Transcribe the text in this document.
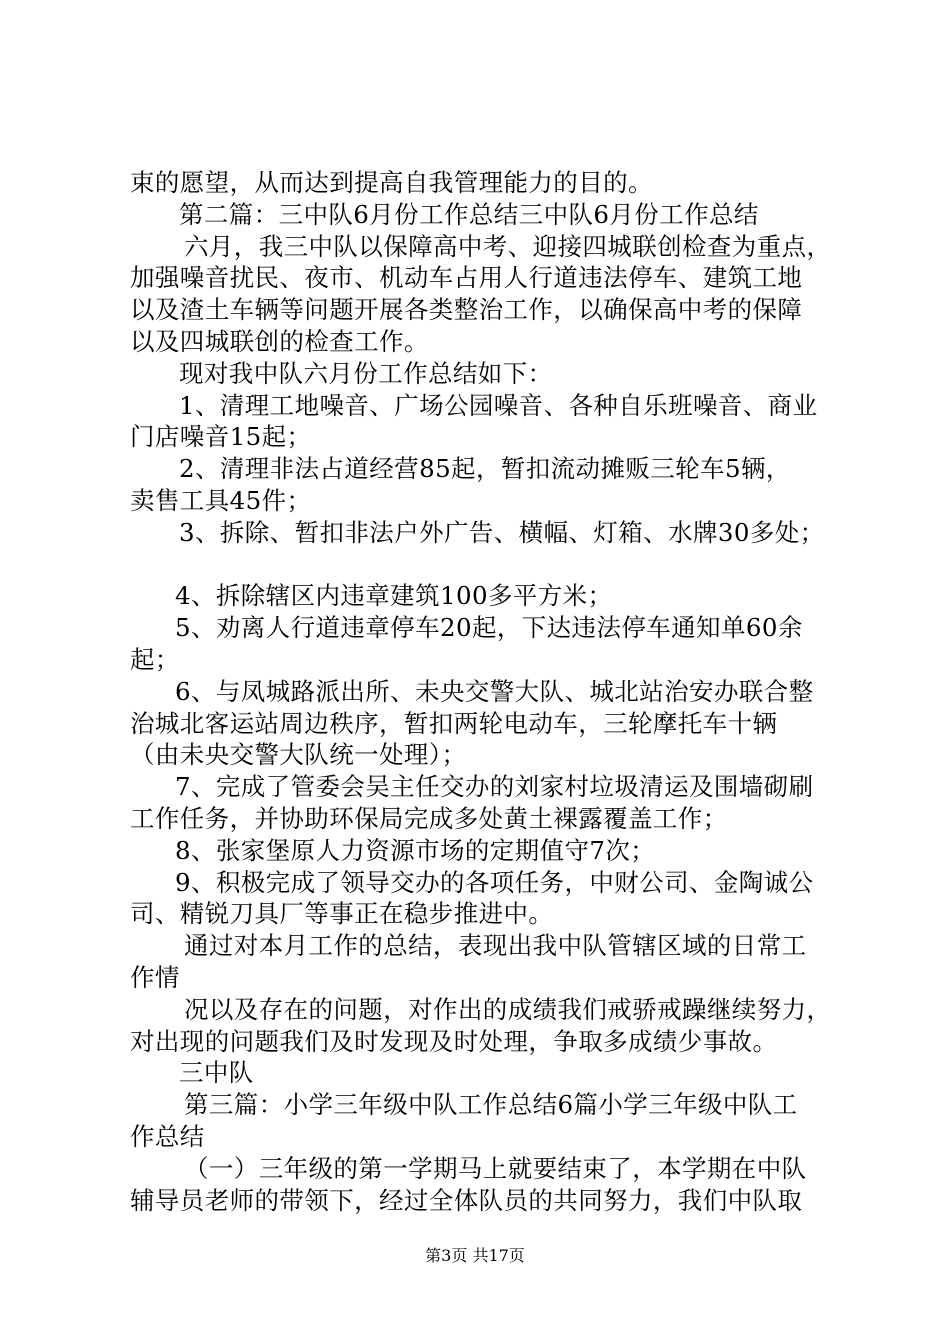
束的愿望，从而达到提高自我管理能力的目的。
第二篇：三中队6月份工作总结三中队6月份工作总结
六月，我三中队以保障高中考、迎接四城联创检查为重点，
加强噪音扰民、夜市、机动车占用人行道违法停车、建筑工地
以及渣土车辆等问题开展各类整治工作，以确保高中考的保障
以及四城联创的检查工作。
现对我中队六月份工作总结如下：
1、清理工地噪音、广场公园噪音、各种自乐班噪音、商业
门店噪音15起；
2、清理非法占道经营85起，暂扣流动摊贩三轮车5辆，
卖售工具45件；
3、拆除、暂扣非法户外广告、横幅、灯箱、水牌30多处；
4、拆除辖区内违章建筑100多平方米；
5、劝离人行道违章停车20起，下达违法停车通知单60余
起；
6、与凤城路派出所、未央交警大队、城北站治安办联合整
治城北客运站周边秩序，暂扣两轮电动车，三轮摩托车十辆
（由未央交警大队统一处理）；
7、完成了管委会吴主任交办的刘家村垃圾清运及围墙砌刷
工作任务，并协助环保局完成多处黄土裸露覆盖工作；
8、张家堡原人力资源市场的定期值守7次；
9、积极完成了领导交办的各项任务，中财公司、金陶诚公
司、精锐刀具厂等事正在稳步推进中。
通过对本月工作的总结，表现出我中队管辖区域的日常工
作情
况以及存在的问题，对作出的成绩我们戒骄戒躁继续努力，
对出现的问题我们及时发现及时处理，争取多成绩少事故。
三中队
第三篇：小学三年级中队工作总结6篇小学三年级中队工
作总结
（一）三年级的第一学期马上就要结束了，本学期在中队
辅导员老师的带领下，经过全体队员的共同努力，我们中队取
第3页 共17页
